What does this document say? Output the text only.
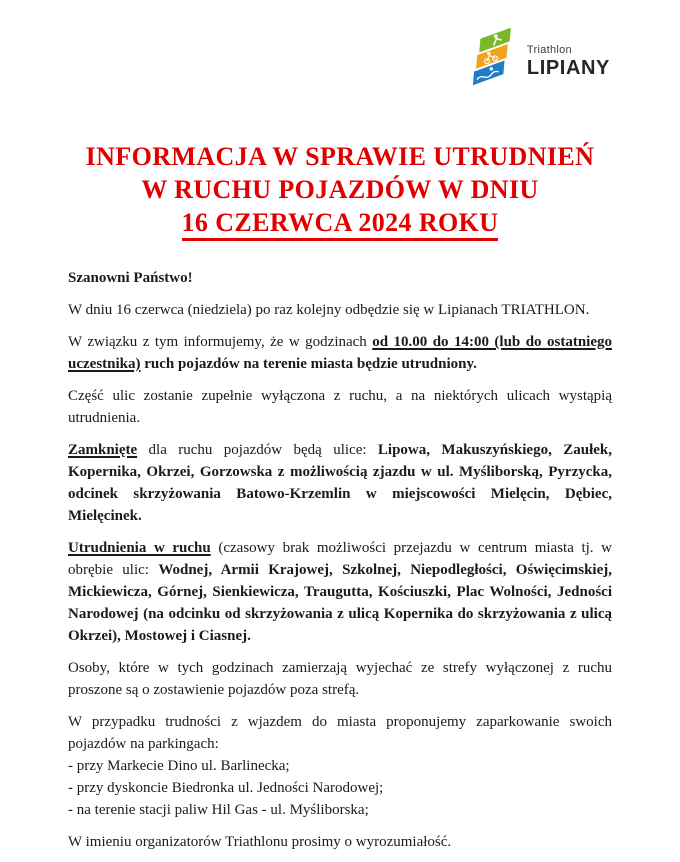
Triathlon
LIPIANY
INFORMACJA W SPRAWIE UTRUDNIEŃ
W RUCHU POJAZDÓW W DNIU
16 CZERWCA 2024 ROKU

Szanowni Państwo!

W dniu 16 czerwca (niedziela) po raz kolejny odbędzie się w Lipianach TRIATHLON.

W związku z tym informujemy, że w godzinach od 10.00 do 14:00 (lub do ostatniego uczestnika) ruch pojazdów na terenie miasta będzie utrudniony.

Część ulic zostanie zupełnie wyłączona z ruchu, a na niektórych ulicach wystąpią utrudnienia.

Zamknięte dla ruchu pojazdów będą ulice: Lipowa, Makuszyńskiego, Zaułek, Kopernika, Okrzei, Gorzowska z możliwością zjazdu w ul. Myśliborską, Pyrzycka, odcinek skrzyżowania Batowo-Krzemlin w miejscowości Mielęcin, Dębiec, Mielęcinek.

Utrudnienia w ruchu (czasowy brak możliwości przejazdu w centrum miasta tj. w obrębie ulic: Wodnej, Armii Krajowej, Szkolnej, Niepodległości, Oświęcimskiej, Mickiewicza, Górnej, Sienkiewicza, Traugutta, Kościuszki, Plac Wolności, Jedności Narodowej (na odcinku od skrzyżowania z ulicą Kopernika do skrzyżowania z ulicą Okrzei), Mostowej i Ciasnej.

Osoby, które w tych godzinach zamierzają wyjechać ze strefy wyłączonej z ruchu proszone są o zostawienie pojazdów poza strefą.

W przypadku trudności z wjazdem do miasta proponujemy zaparkowanie swoich pojazdów na parkingach:
- przy Markecie Dino ul. Barlinecka;
- przy dyskoncie Biedronka ul. Jedności Narodowej;
- na terenie stacji paliw Hil Gas - ul. Myśliborska;

W imieniu organizatorów Triathlonu prosimy o wyrozumiałość.
